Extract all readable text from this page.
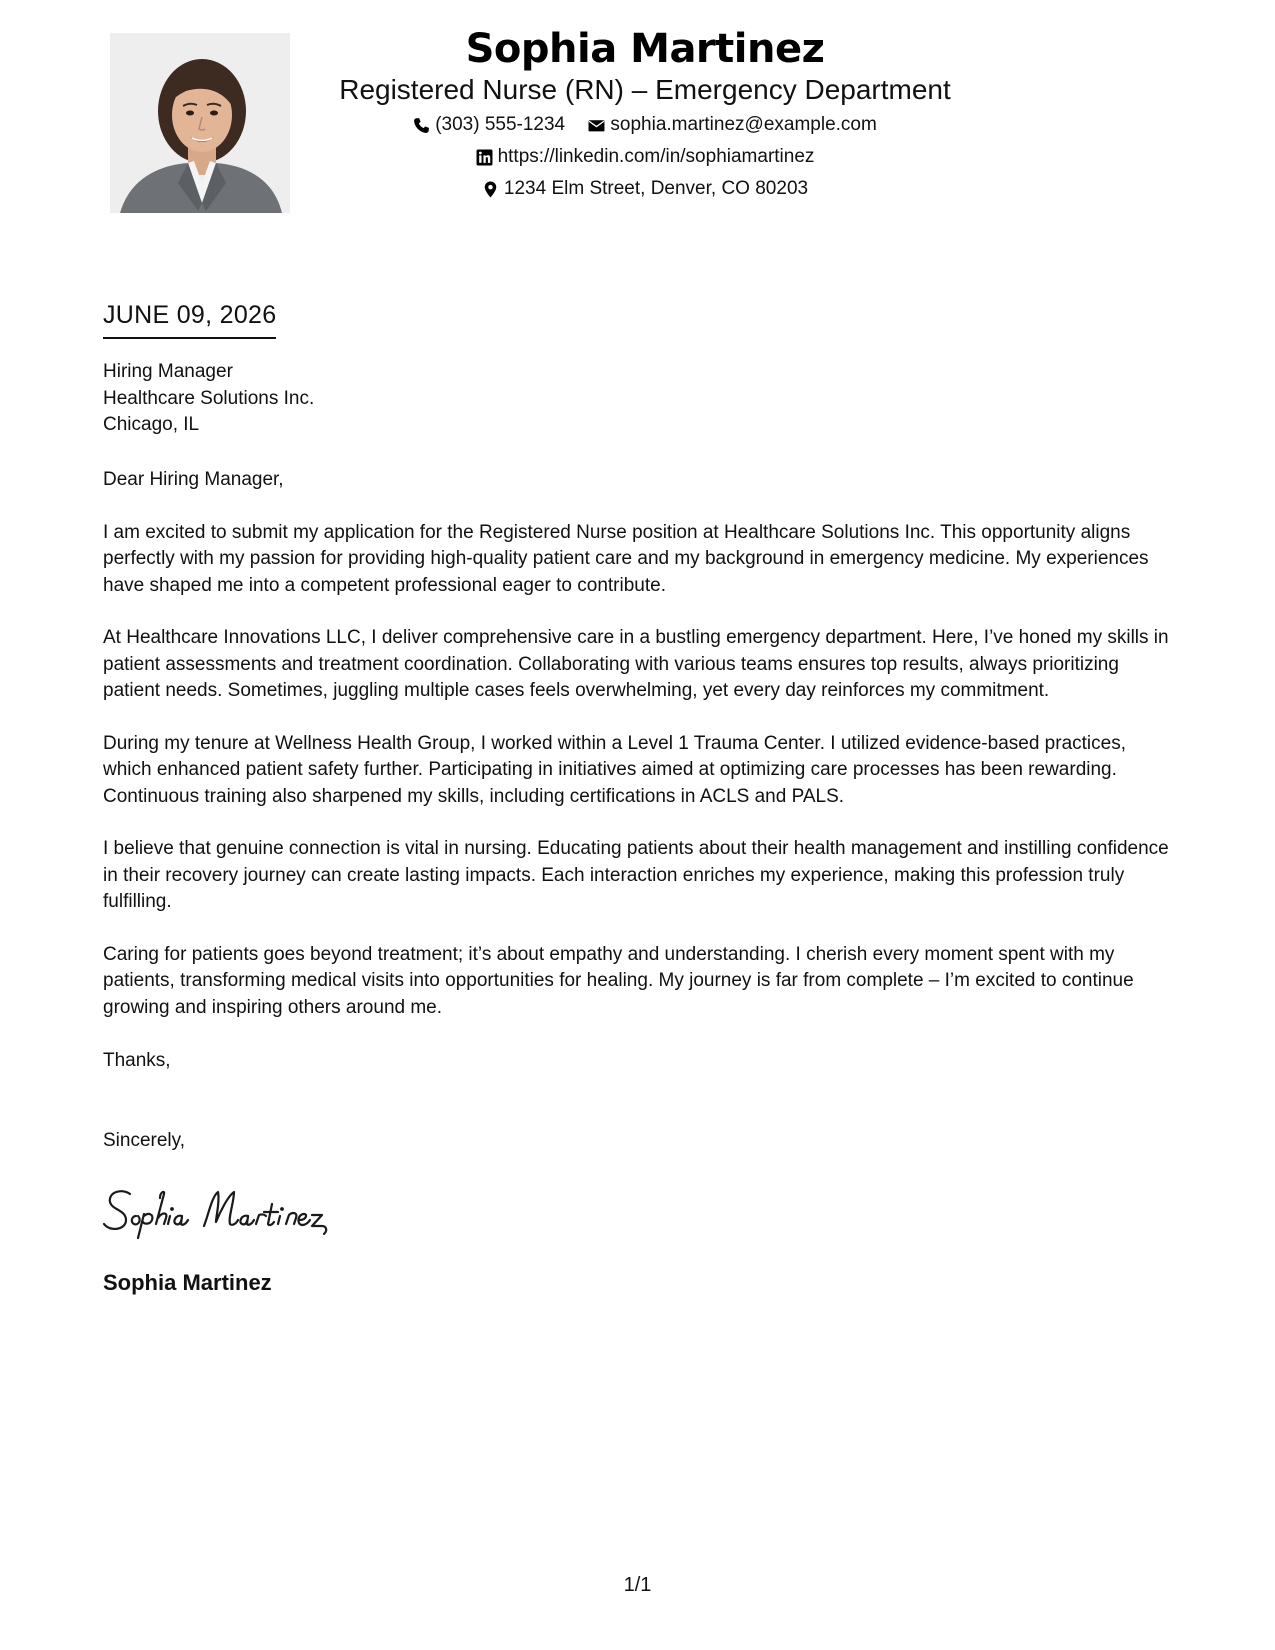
Sophia Martinez
Registered Nurse (RN) – Emergency Department
(303) 555-1234
sophia.martinez@example.com
https://linkedin.com/in/sophiamartinez
1234 Elm Street, Denver, CO 80203
JUNE 09, 2026
Hiring Manager
Healthcare Solutions Inc.
Chicago, IL

Dear Hiring Manager,

I am excited to submit my application for the Registered Nurse position at Healthcare Solutions Inc. This opportunity aligns perfectly with my passion for providing high-quality patient care and my background in emergency medicine. My experiences have shaped me into a competent professional eager to contribute.

At Healthcare Innovations LLC, I deliver comprehensive care in a bustling emergency department. Here, I’ve honed my skills in patient assessments and treatment coordination. Collaborating with various teams ensures top results, always prioritizing patient needs. Sometimes, juggling multiple cases feels overwhelming, yet every day reinforces my commitment.

During my tenure at Wellness Health Group, I worked within a Level 1 Trauma Center. I utilized evidence-based practices, which enhanced patient safety further. Participating in initiatives aimed at optimizing care processes has been rewarding. Continuous training also sharpened my skills, including certifications in ACLS and PALS.

I believe that genuine connection is vital in nursing. Educating patients about their health management and instilling confidence in their recovery journey can create lasting impacts. Each interaction enriches my experience, making this profession truly fulfilling.

Caring for patients goes beyond treatment; it’s about empathy and understanding. I cherish every moment spent with my patients, transforming medical visits into opportunities for healing. My journey is far from complete – I’m excited to continue growing and inspiring others around me.

Thanks,
Sincerely,
Sophia Martinez
1/1
